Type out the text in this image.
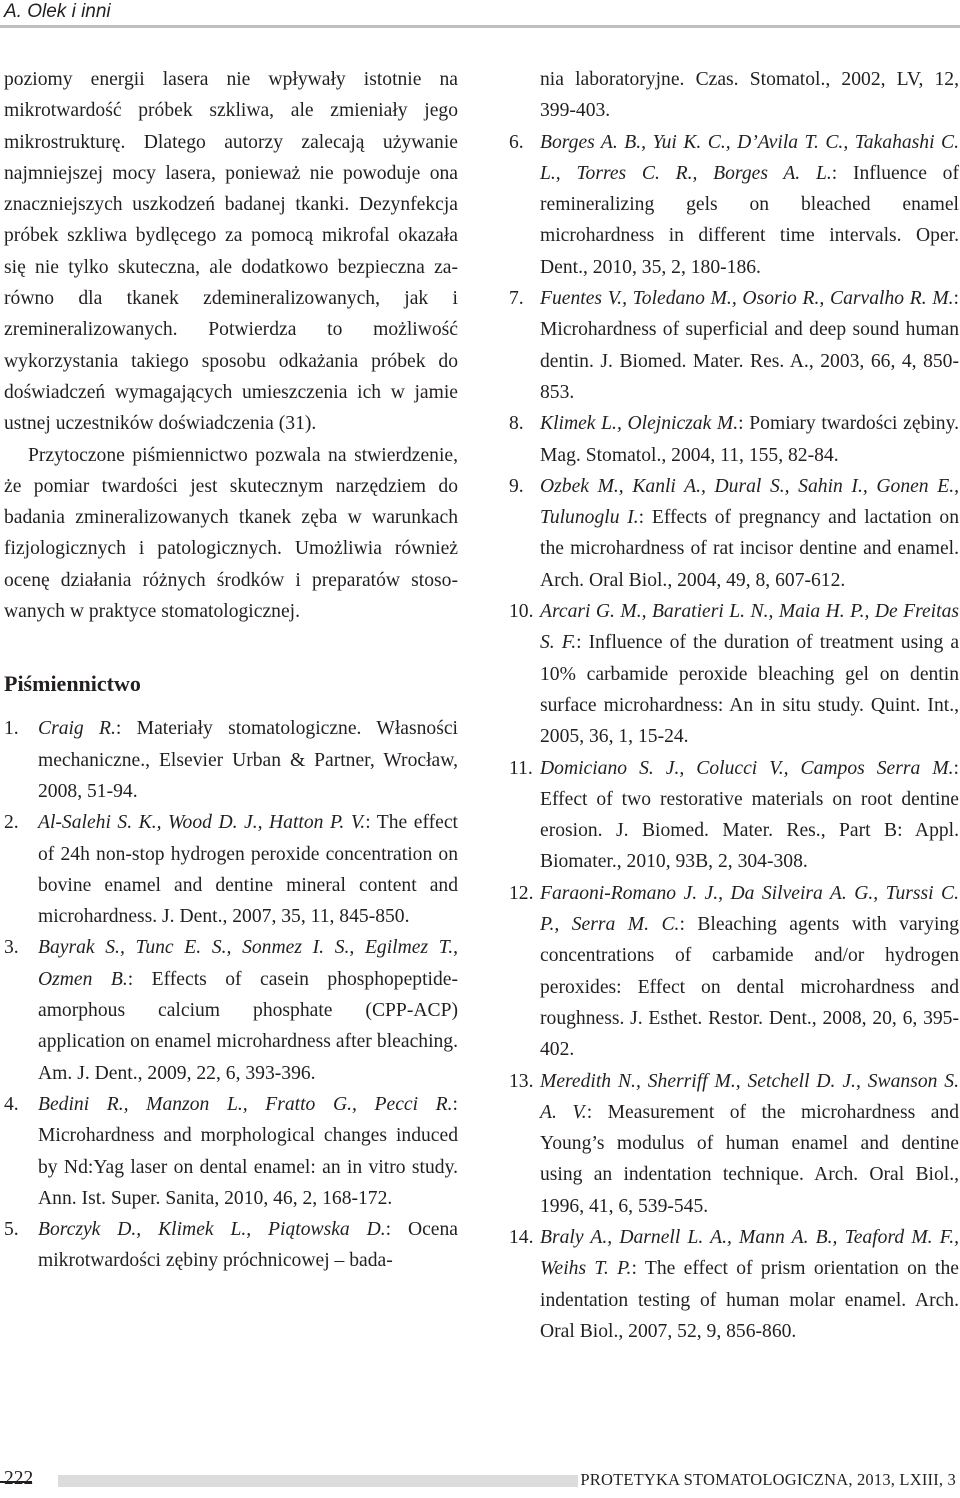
A. Olek i inni

poziomy energii lasera nie wpływały istotnie na mikrotwardość próbek szkliwa, ale zmieniały jego mikrostrukturę. Dlatego autorzy zalecają używanie najmniejszej mocy lasera, ponieważ nie powoduje ona znaczniejszych uszkodzeń badanej tkanki. Dezynfekcja próbek szkliwa bydlęcego za pomocą mikrofal okazała się nie tylko skuteczna, ale dodatkowo bezpieczna zarówno dla tkanek zdemineralizowanych, jak i zremineralizowanych. Potwierdza to możliwość wykorzystania takiego sposobu odkażania próbek do doświadczeń wymagających umieszczenia ich w jamie ustnej uczestników doświadczenia (31).

Przytoczone piśmiennictwo pozwala na stwierdzenie, że pomiar twardości jest skutecznym narzędziem do badania zmineralizowanych tkanek zęba w warunkach fizjologicznych i patologicznych. Umożliwia również ocenę działania różnych środków i preparatów stosowanych w praktyce stomatologicznej.

Piśmiennictwo
1. Craig R.: Materiały stomatologiczne. Własności mechaniczne., Elsevier Urban & Partner, Wrocław, 2008, 51-94.
2. Al-Salehi S. K., Wood D. J., Hatton P. V.: The effect of 24h non-stop hydrogen peroxide concentration on bovine enamel and dentine mineral content and microhardness. J. Dent., 2007, 35, 11, 845-850.
3. Bayrak S., Tunc E. S., Sonmez I. S., Egilmez T., Ozmen B.: Effects of casein phosphopeptide-amorphous calcium phosphate (CPP-ACP) application on enamel microhardness after bleaching. Am. J. Dent., 2009, 22, 6, 393-396.
4. Bedini R., Manzon L., Fratto G., Pecci R.: Microhardness and morphological changes induced by Nd:Yag laser on dental enamel: an in vitro study. Ann. Ist. Super. Sanita, 2010, 46, 2, 168-172.
5. Borczyk D., Klimek L., Piątowska D.: Ocena mikrotwardości zębiny próchnicowej – bada-
nia laboratoryjne. Czas. Stomatol., 2002, LV, 12, 399-403.
6. Borges A. B., Yui K. C., D’Avila T. C., Takahashi C. L., Torres C. R., Borges A. L.: Influence of remineralizing gels on bleached enamel microhardness in different time intervals. Oper. Dent., 2010, 35, 2, 180-186.
7. Fuentes V., Toledano M., Osorio R., Carvalho R. M.: Microhardness of superficial and deep sound human dentin. J. Biomed. Mater. Res. A., 2003, 66, 4, 850-853.
8. Klimek L., Olejniczak M.: Pomiary twardości zębiny. Mag. Stomatol., 2004, 11, 155, 82-84.
9. Ozbek M., Kanli A., Dural S., Sahin I., Gonen E., Tulunoglu I.: Effects of pregnancy and lactation on the microhardness of rat incisor dentine and enamel. Arch. Oral Biol., 2004, 49, 8, 607-612.
10. Arcari G. M., Baratieri L. N., Maia H. P., De Freitas S. F.: Influence of the duration of treatment using a 10% carbamide peroxide bleaching gel on dentin surface microhardness: An in situ study. Quint. Int., 2005, 36, 1, 15-24.
11. Domiciano S. J., Colucci V., Campos Serra M.: Effect of two restorative materials on root dentine erosion. J. Biomed. Mater. Res., Part B: Appl. Biomater., 2010, 93B, 2, 304-308.
12. Faraoni-Romano J. J., Da Silveira A. G., Turssi C. P., Serra M. C.: Bleaching agents with varying concentrations of carbamide and/or hydrogen peroxides: Effect on dental microhardness and roughness. J. Esthet. Restor. Dent., 2008, 20, 6, 395-402.
13. Meredith N., Sherriff M., Setchell D. J., Swanson S. A. V.: Measurement of the microhardness and Young’s modulus of human enamel and dentine using an indentation technique. Arch. Oral Biol., 1996, 41, 6, 539-545.
14. Braly A., Darnell L. A., Mann A. B., Teaford M. F., Weihs T. P.: The effect of prism orientation on the indentation testing of human molar enamel. Arch. Oral Biol., 2007, 52, 9, 856-860.
222	PROTETYKA STOMATOLOGICZNA, 2013, LXIII, 3
